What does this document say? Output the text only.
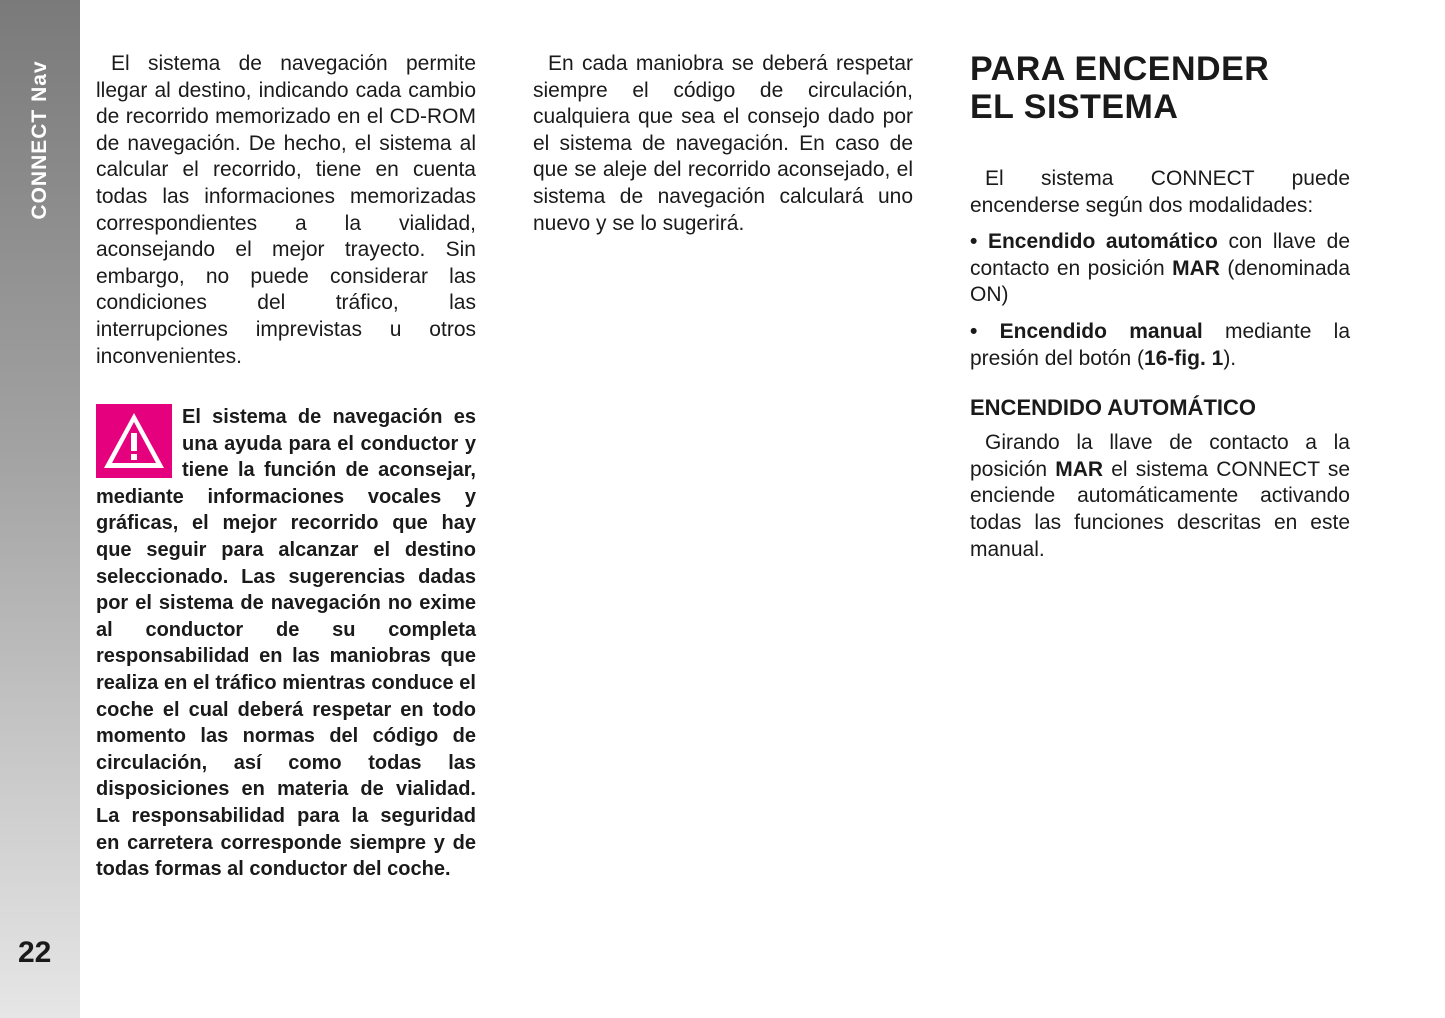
CONNECT Nav
22

El sistema de navegación permite llegar al destino, indicando cada cambio de recorrido memorizado en el CD-ROM de navegación. De hecho, el sistema al calcular el recorrido, tiene en cuenta todas las informaciones memorizadas correspondientes a la vialidad, aconsejando el mejor trayecto. Sin embargo, no puede considerar las condiciones del tráfico, las interrupciones imprevistas u otros inconvenientes.

El sistema de navegación es una ayuda para el conductor y tiene la función de aconsejar, mediante informaciones vocales y gráficas, el mejor recorrido que hay que seguir para alcanzar el destino seleccionado. Las sugerencias dadas por el sistema de navegación no exime al conductor de su completa responsabilidad en las maniobras que realiza en el tráfico mientras conduce el coche el cual deberá respetar en todo momento las normas del código de circulación, así como todas las disposiciones en materia de vialidad. La responsabilidad para la seguridad en carretera corresponde siempre y de todas formas al conductor del coche.

En cada maniobra se deberá respetar siempre el código de circulación, cualquiera que sea el consejo dado por el sistema de navegación. En caso de que se aleje del recorrido aconsejado, el sistema de navegación calculará uno nuevo y se lo sugerirá.

PARA ENCENDER
EL SISTEMA

El sistema CONNECT puede encenderse según dos modalidades:

• Encendido automático con llave de contacto en posición MAR (denominada ON)

• Encendido manual mediante la presión del botón (16-fig. 1).

ENCENDIDO AUTOMÁTICO

Girando la llave de contacto a la posición MAR el sistema CONNECT se enciende automáticamente activando todas las funciones descritas en este manual.
